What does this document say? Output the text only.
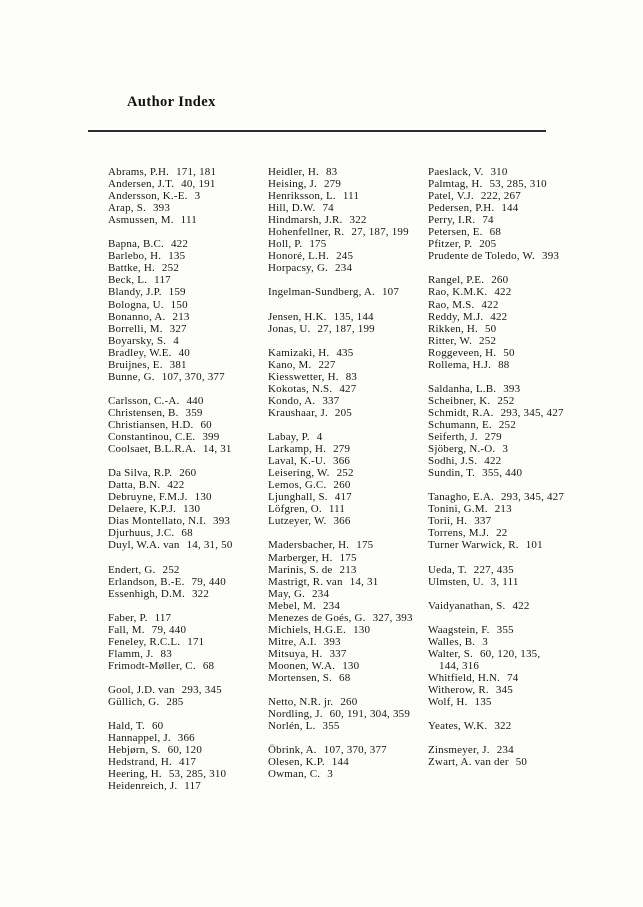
Author Index
Abrams, P.H. 171, 181
Andersen, J.T. 40, 191
Andersson, K.-E. 3
Arap, S. 393
Asmussen, M. 111
Bapna, B.C. 422
Barlebo, H. 135
Battke, H. 252
Beck, L. 117
Blandy, J.P. 159
Bologna, U. 150
Bonanno, A. 213
Borrelli, M. 327
Boyarsky, S. 4
Bradley, W.E. 40
Bruijnes, E. 381
Bunne, G. 107, 370, 377
Carlsson, C.-A. 440
Christensen, B. 359
Christiansen, H.D. 60
Constantinou, C.E. 399
Coolsaet, B.L.R.A. 14, 31
Da Silva, R.P. 260
Datta, B.N. 422
Debruyne, F.M.J. 130
Delaere, K.P.J. 130
Dias Montellato, N.I. 393
Djurhuus, J.C. 68
Duyl, W.A. van 14, 31, 50
Endert, G. 252
Erlandson, B.-E. 79, 440
Essenhigh, D.M. 322
Faber, P. 117
Fall, M. 79, 440
Feneley, R.C.L. 171
Flamm, J. 83
Frimodt-Møller, C. 68
Gool, J.D. van 293, 345
Güllich, G. 285
Hald, T. 60
Hannappel, J. 366
Hebjørn, S. 60, 120
Hedstrand, H. 417
Heering, H. 53, 285, 310
Heidenreich, J. 117
Heidler, H. 83
Heising, J. 279
Henriksson, L. 111
Hill, D.W. 74
Hindmarsh, J.R. 322
Hohenfellner, R. 27, 187, 199
Holl, P. 175
Honoré, L.H. 245
Horpacsy, G. 234
Ingelman-Sundberg, A. 107
Jensen, H.K. 135, 144
Jonas, U. 27, 187, 199
Kamizaki, H. 435
Kano, M. 227
Kiesswetter, H. 83
Kokotas, N.S. 427
Kondo, A. 337
Kraushaar, J. 205
Labay, P. 4
Larkamp, H. 279
Laval, K.-U. 366
Leisering, W. 252
Lemos, G.C. 260
Ljunghall, S. 417
Löfgren, O. 111
Lutzeyer, W. 366
Madersbacher, H. 175
Marberger, H. 175
Marinis, S. de 213
Mastrigt, R. van 14, 31
May, G. 234
Mebel, M. 234
Menezes de Goés, G. 327, 393
Michiels, H.G.E. 130
Mitre, A.I. 393
Mitsuya, H. 337
Moonen, W.A. 130
Mortensen, S. 68
Netto, N.R. jr. 260
Nordling, J. 60, 191, 304, 359
Norlén, L. 355
Öbrink, A. 107, 370, 377
Olesen, K.P. 144
Owman, C. 3
Paeslack, V. 310
Palmtag, H. 53, 285, 310
Patel, V.J. 222, 267
Pedersen, P.H. 144
Perry, I.R. 74
Petersen, E. 68
Pfitzer, P. 205
Prudente de Toledo, W. 393
Rangel, P.E. 260
Rao, K.M.K. 422
Rao, M.S. 422
Reddy, M.J. 422
Rikken, H. 50
Ritter, W. 252
Roggeveen, H. 50
Rollema, H.J. 88
Saldanha, L.B. 393
Scheibner, K. 252
Schmidt, R.A. 293, 345, 427
Schumann, E. 252
Seiferth, J. 279
Sjöberg, N.-O. 3
Sodhi, J.S. 422
Sundin, T. 355, 440
Tanagho, E.A. 293, 345, 427
Tonini, G.M. 213
Torii, H. 337
Torrens, M.J. 22
Turner Warwick, R. 101
Ueda, T. 227, 435
Ulmsten, U. 3, 111
Vaidyanathan, S. 422
Waagstein, F. 355
Walles, B. 3
Walter, S. 60, 120, 135,
144, 316
Whitfield, H.N. 74
Witherow, R. 345
Wolf, H. 135
Yeates, W.K. 322
Zinsmeyer, J. 234
Zwart, A. van der 50
